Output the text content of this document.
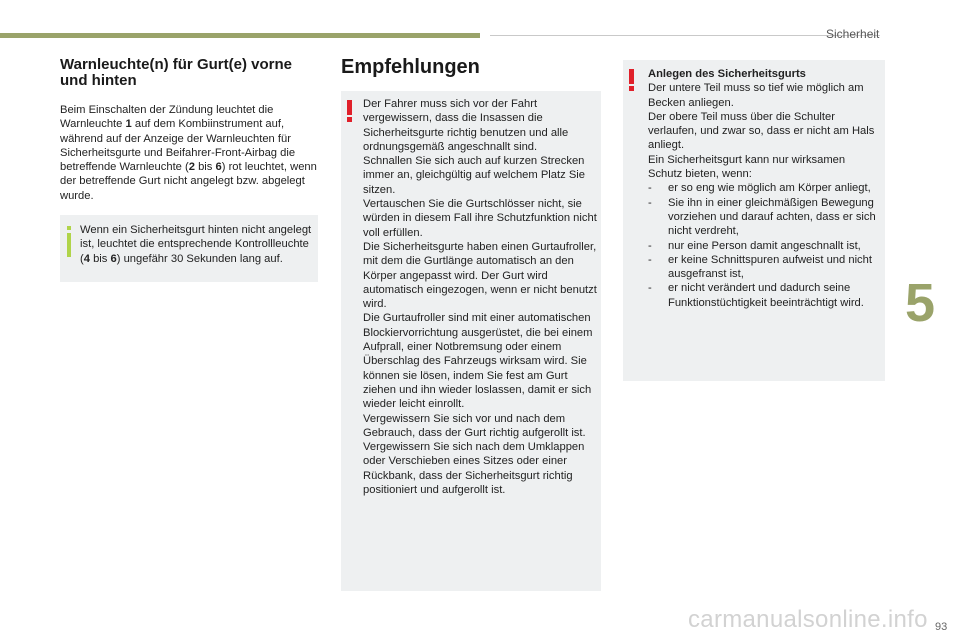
Sicherheit
Warnleuchte(n) für Gurt(e) vorne und hinten

Beim Einschalten der Zündung leuchtet die Warnleuchte 1 auf dem Kombiinstrument auf, während auf der Anzeige der Warnleuchten für Sicherheitsgurte und Beifahrer-Front-Airbag die betreffende Warnleuchte (2 bis 6) rot leuchtet, wenn der betreffende Gurt nicht angelegt bzw. abgelegt wurde.

Wenn ein Sicherheitsgurt hinten nicht angelegt ist, leuchtet die entsprechende Kontrollleuchte (4 bis 6) ungefähr 30 Sekunden lang auf.

Empfehlungen

Der Fahrer muss sich vor der Fahrt vergewissern, dass die Insassen die Sicherheitsgurte richtig benutzen und alle ordnungsgemäß angeschnallt sind.
Schnallen Sie sich auch auf kurzen Strecken immer an, gleichgültig auf welchem Platz Sie sitzen.
Vertauschen Sie die Gurtschlösser nicht, sie würden in diesem Fall ihre Schutzfunktion nicht voll erfüllen.
Die Sicherheitsgurte haben einen Gurtaufroller, mit dem die Gurtlänge automatisch an den Körper angepasst wird. Der Gurt wird automatisch eingezogen, wenn er nicht benutzt wird.
Die Gurtaufroller sind mit einer automatischen Blockiervorrichtung ausgerüstet, die bei einem Aufprall, einer Notbremsung oder einem Überschlag des Fahrzeugs wirksam wird. Sie können sie lösen, indem Sie fest am Gurt ziehen und ihn wieder loslassen, damit er sich wieder leicht einrollt.
Vergewissern Sie sich vor und nach dem Gebrauch, dass der Gurt richtig aufgerollt ist.
Vergewissern Sie sich nach dem Umklappen oder Verschieben eines Sitzes oder einer Rückbank, dass der Sicherheitsgurt richtig positioniert und aufgerollt ist.

Anlegen des Sicherheitsgurts
Der untere Teil muss so tief wie möglich am Becken anliegen.
Der obere Teil muss über die Schulter verlaufen, und zwar so, dass er nicht am Hals anliegt.
Ein Sicherheitsgurt kann nur wirksamen Schutz bieten, wenn:
- er so eng wie möglich am Körper anliegt,
- Sie ihn in einer gleichmäßigen Bewegung vorziehen und darauf achten, dass er sich nicht verdreht,
- nur eine Person damit angeschnallt ist,
- er keine Schnittspuren aufweist und nicht ausgefranst ist,
- er nicht verändert und dadurch seine Funktionstüchtigkeit beeinträchtigt wird. 5
93
carmanualsonline.info
